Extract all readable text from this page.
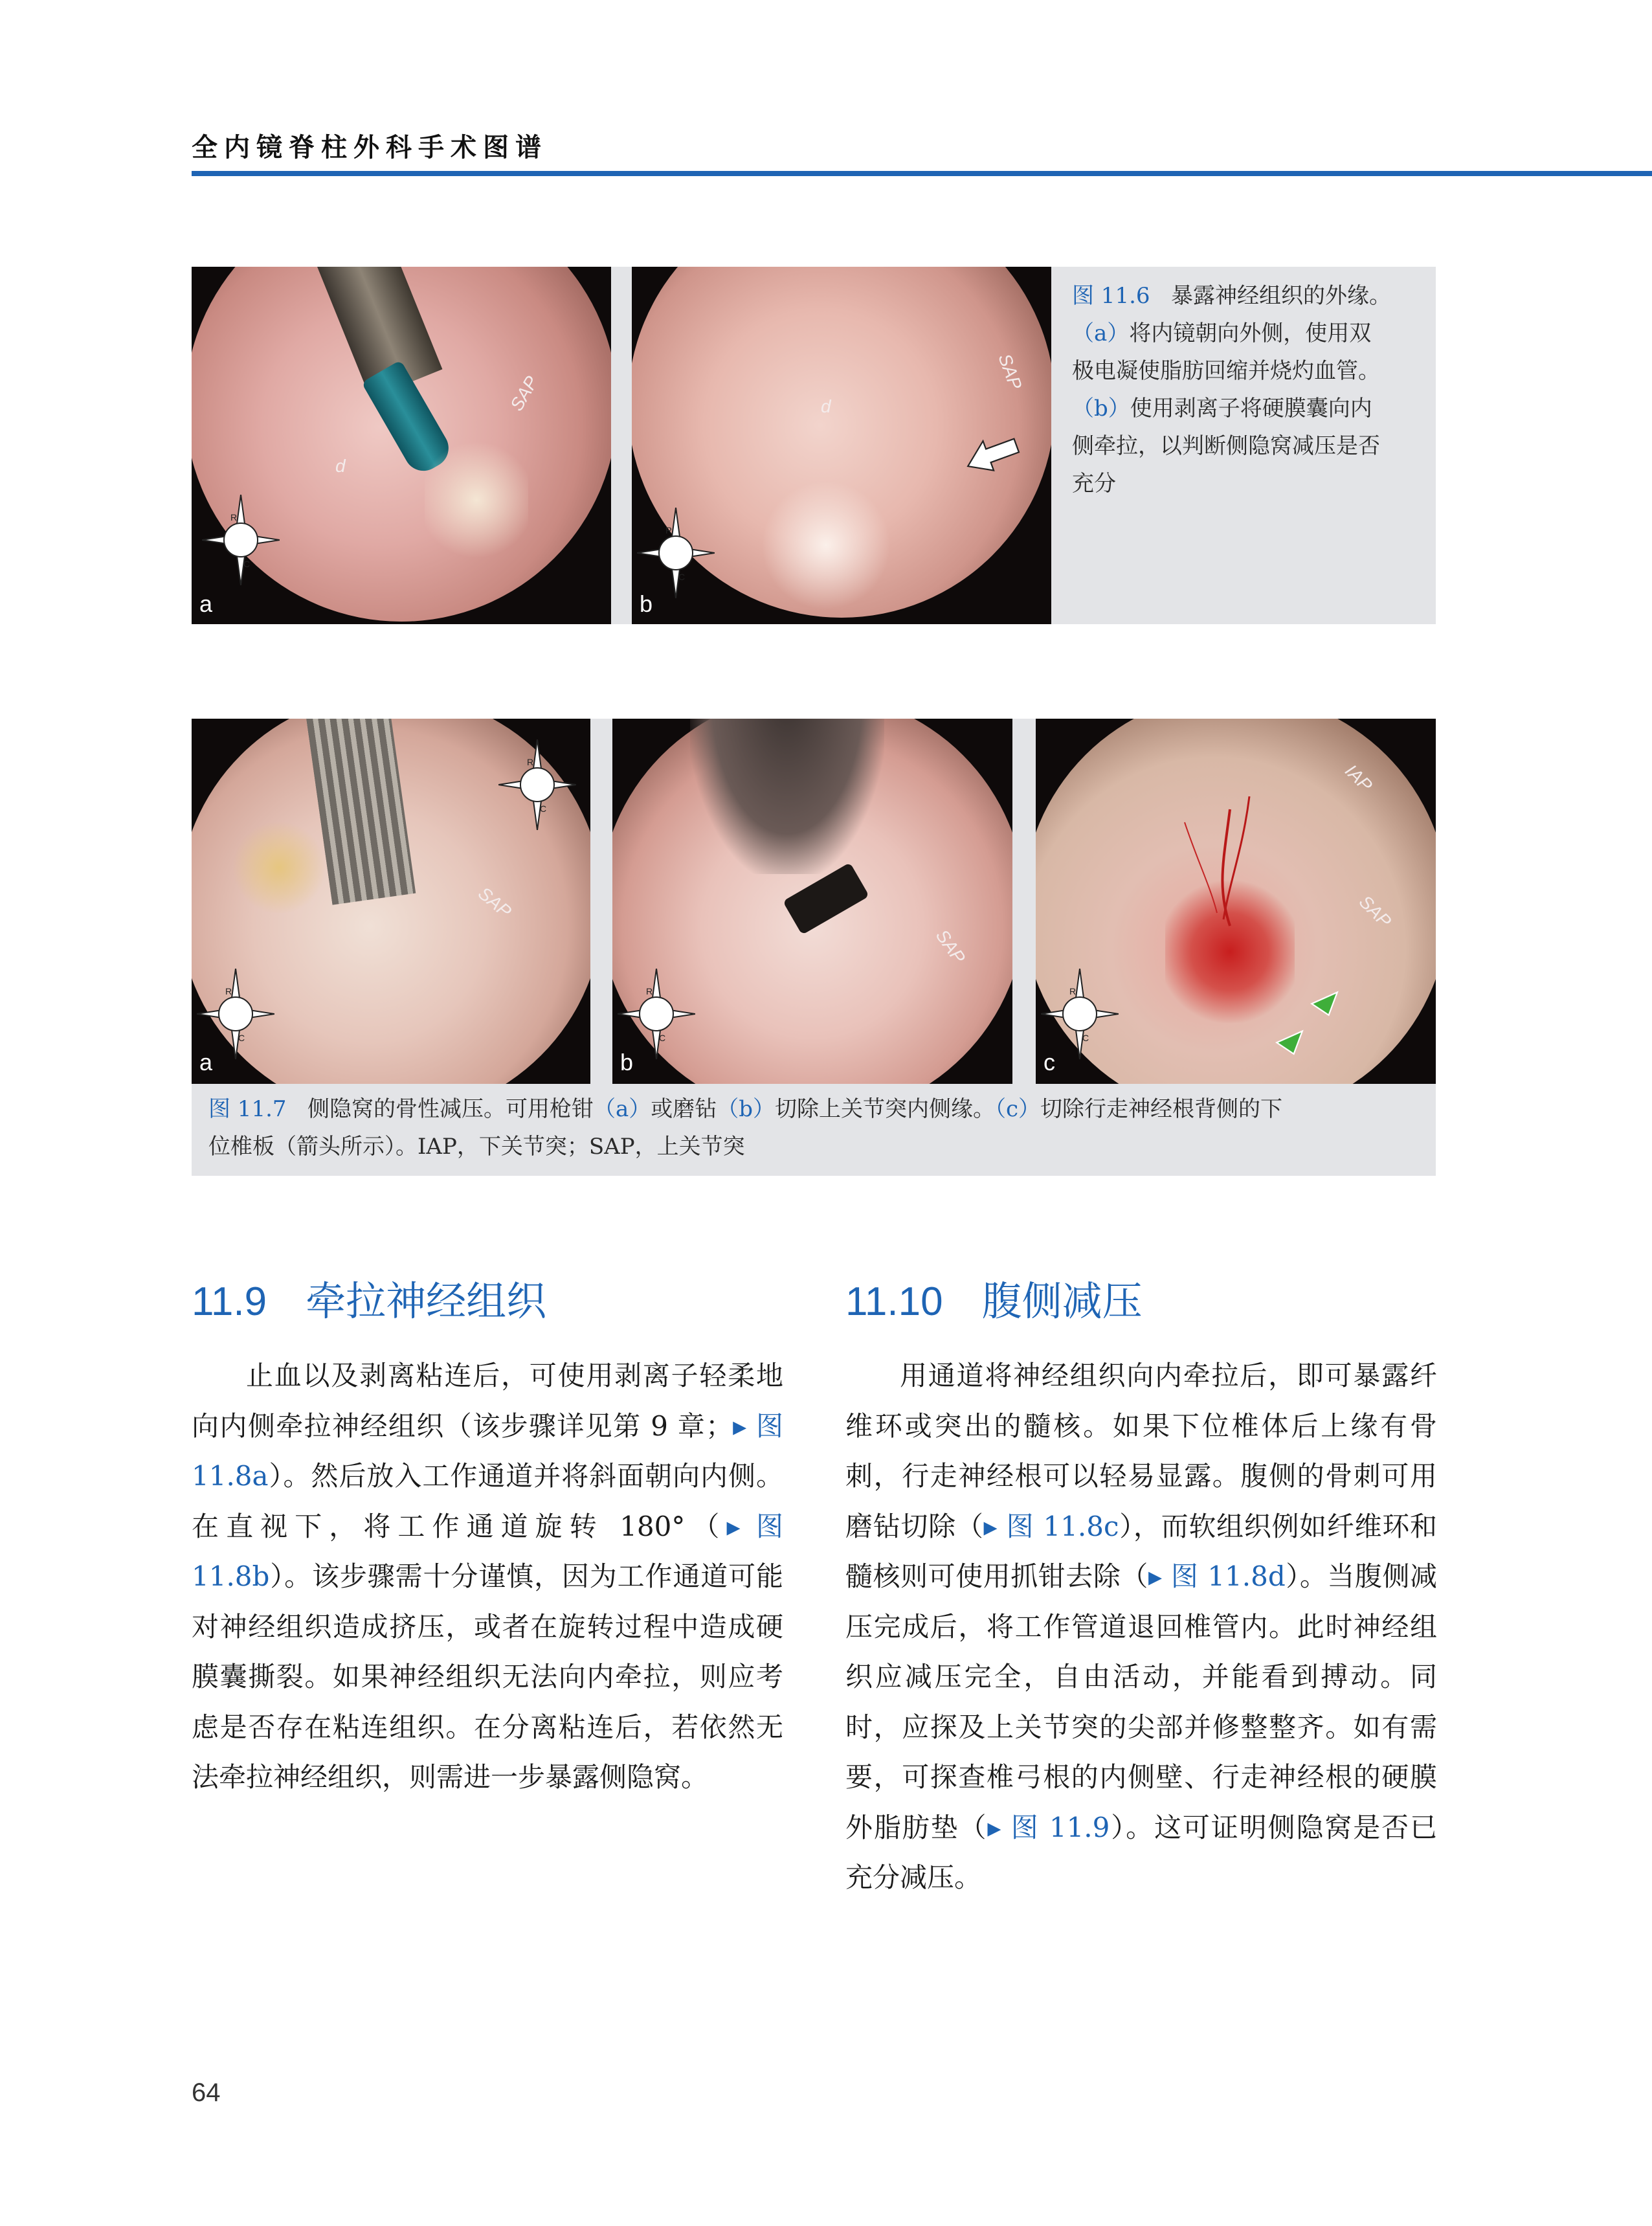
全内镜脊柱外科手术图谱
d
SAP
R
C
a
d
SAP
R
C
b
图 11.6 暴露神经组织的外缘。
（a）将内镜朝向外侧，使用双
极电凝使脂肪回缩并烧灼血管。
（b）使用剥离子将硬膜囊向内
侧牵拉，以判断侧隐窝减压是否
充分
SAP
R
C
R
C
a
SAP
R
C
b
IAP
SAP
R
C
c
图 11.7 侧隐窝的骨性减压。可用枪钳（a）或磨钻（b）切除上关节突内侧缘。（c）切除行走神经根背侧的下
位椎板（箭头所示）。IAP，下关节突；SAP，上关节突
11.9 牵拉神经组织

止血以及剥离粘连后，可使用剥离子轻柔地向内侧牵拉神经组织（该步骤详见第 9 章；▸ 图 11.8a）。然后放入工作通道并将斜面朝向内侧。在直视下，将工作通道旋转 180°（▸ 图 11.8b）。该步骤需十分谨慎，因为工作通道可能对神经组织造成挤压，或者在旋转过程中造成硬膜囊撕裂。如果神经组织无法向内牵拉，则应考虑是否存在粘连组织。在分离粘连后，若依然无法牵拉神经组织，则需进一步暴露侧隐窝。

11.10 腹侧减压

用通道将神经组织向内牵拉后，即可暴露纤维环或突出的髓核。如果下位椎体后上缘有骨刺，行走神经根可以轻易显露。腹侧的骨刺可用磨钻切除（▸ 图 11.8c），而软组织例如纤维环和髓核则可使用抓钳去除（▸ 图 11.8d）。当腹侧减压完成后，将工作管道退回椎管内。此时神经组织应减压完全，自由活动，并能看到搏动。同时，应探及上关节突的尖部并修整整齐。如有需要，可探查椎弓根的内侧壁、行走神经根的硬膜外脂肪垫（▸ 图 11.9）。这可证明侧隐窝是否已充分减压。

64
